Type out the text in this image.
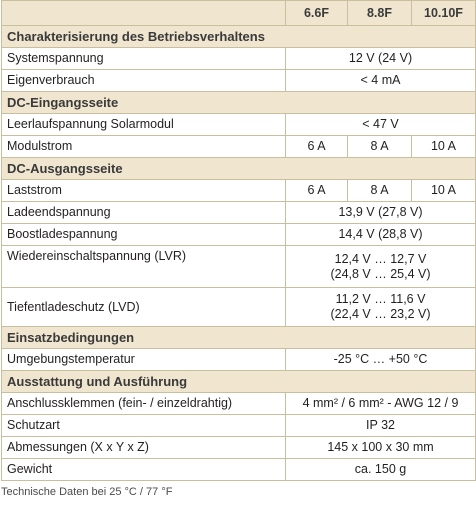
	6.6F	8.8F	10.10F
Charakterisierung des Betriebsverhaltens			
Systemspannung	12 V (24 V)		
Eigenverbrauch	< 4 mA		
DC-Eingangsseite			
Leerlaufspannung Solarmodul	< 47 V		
Modulstrom	6 A	8 A	10 A
DC-Ausgangsseite			
Laststrom	6 A	8 A	10 A
Ladeendspannung	13,9 V (27,8 V)		
Boostladespannung	14,4 V (28,8 V)		
Wiedereinschaltspannung (LVR)	12,4 V … 12,7 V
(24,8 V … 25,4 V)		

Tiefentladeschutz (LVD)	11,2 V … 11,6 V
(22,4 V … 23,2 V)		

Einsatzbedingungen			
Umgebungstemperatur	-25 °C … +50 °C		
Ausstattung und Ausführung			
Anschlussklemmen (fein- / einzeldrahtig)	4 mm² / 6 mm² - AWG 12 / 9		
Schutzart	IP 32		
Abmessungen (X x Y x Z)	145 x 100 x 30 mm		
Gewicht	ca. 150 g		
Technische Daten bei 25 °C / 77 °F
